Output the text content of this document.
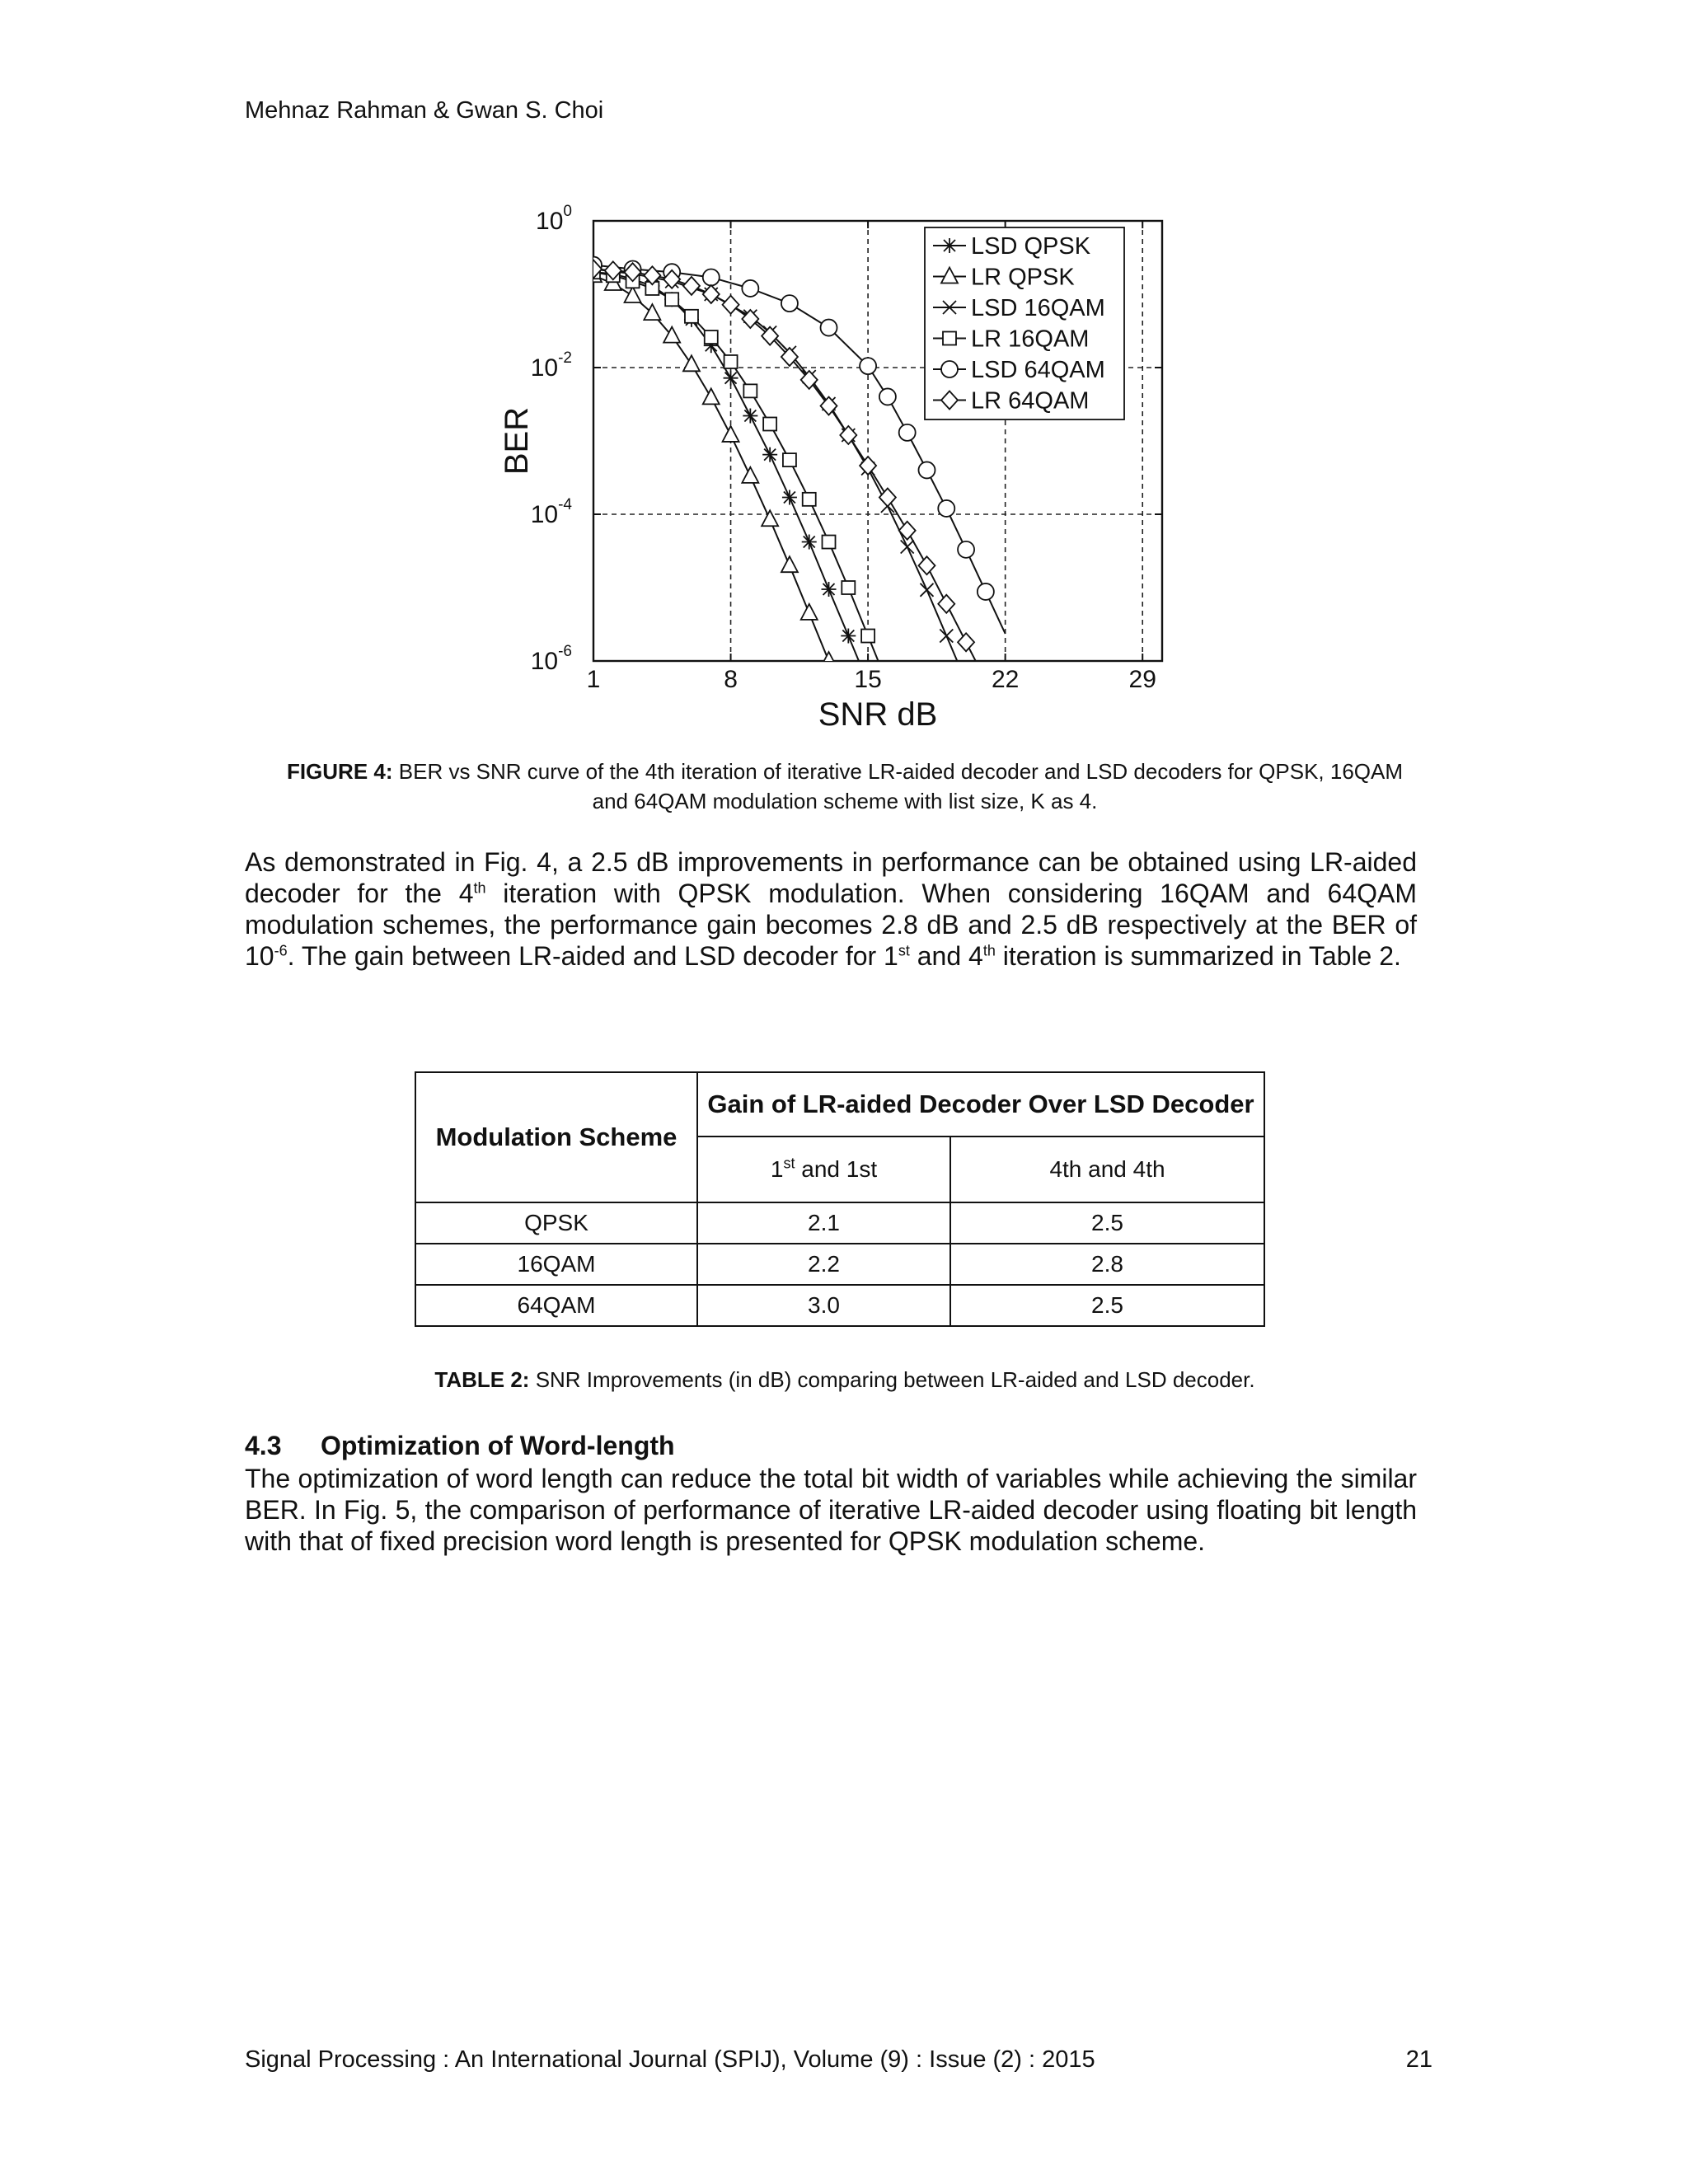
Mehnaz Rahman & Gwan S. Choi
1	8	15	22	29
$10^0$
$10^{-2}$
$10^{-4}$
$10^{-6}$
SNR dB
BER
LSD QPSK
LR QPSK
LSD 16QAM
LR 16QAM
LSD 64QAM
LR 64QAM
FIGURE 4: BER vs SNR curve of the 4th iteration of iterative LR-aided decoder and LSD decoders for QPSK, 16QAM and 64QAM modulation scheme with list size, K as 4.

As demonstrated in Fig. 4, a 2.5 dB improvements in performance can be obtained using LR-aided decoder for the 4th iteration with QPSK modulation. When considering 16QAM and 64QAM modulation schemes, the performance gain becomes 2.8 dB and 2.5 dB respectively at the BER of $10^{-6}$. The gain between LR-aided and LSD decoder for 1st and 4th iteration is summarized in Table 2.

Modulation Scheme	Gain of LR-aided Decoder Over LSD Decoder	
	1st and 1st	4th and 4th
QPSK	2.1	2.5
16QAM	2.2	2.8
64QAM	3.0	2.5
TABLE 2: SNR Improvements (in dB) comparing between LR-aided and LSD decoder.
4.3 Optimization of Word-length

The optimization of word length can reduce the total bit width of variables while achieving the similar BER. In Fig. 5, the comparison of performance of iterative LR-aided decoder using floating bit length with that of fixed precision word length is presented for QPSK modulation scheme.

Signal Processing : An International Journal (SPIJ), Volume (9) : Issue (2) : 2015	21
